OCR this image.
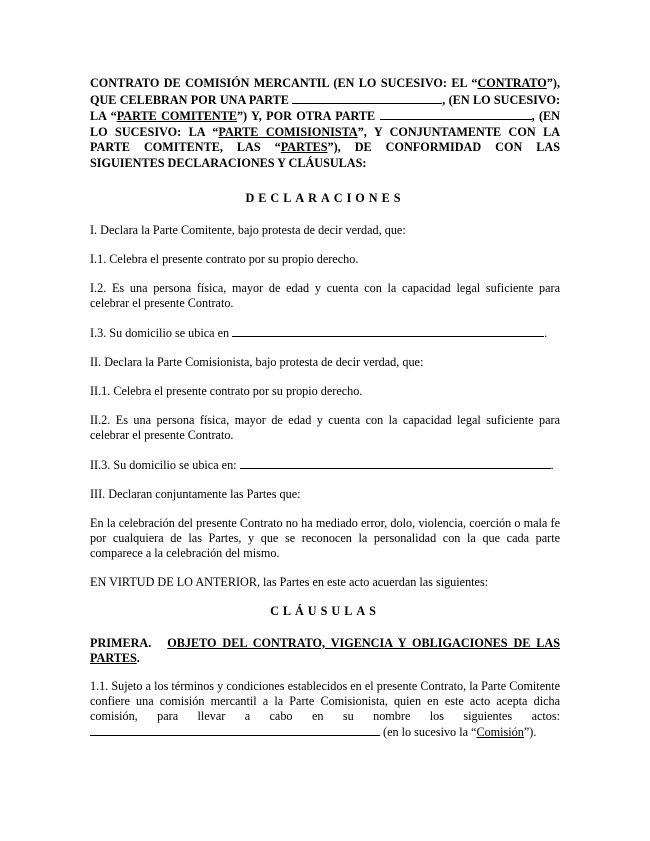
CONTRATO DE COMISIÓN MERCANTIL (EN LO SUCESIVO: EL “CONTRATO”), QUE CELEBRAN POR UNA PARTE	, (EN LO SUCESIVO: LA “PARTE COMITENTE”) Y, POR OTRA PARTE	, (EN LO SUCESIVO: LA “PARTE COMISIONISTA”, Y CONJUNTAMENTE CON LA PARTE COMITENTE, LAS “PARTES”), DE CONFORMIDAD CON LAS SIGUIENTES DECLARACIONES Y CLÁUSULAS:
DECLARACIONES

I. Declara la Parte Comitente, bajo protesta de decir verdad, que:

I.1. Celebra el presente contrato por su propio derecho.

I.2. Es una persona física, mayor de edad y cuenta con la capacidad legal suficiente para celebrar el presente Contrato.

I.3. Su domicilio se ubica en	.

II. Declara la Parte Comisionista, bajo protesta de decir verdad, que:

II.1. Celebra el presente contrato por su propio derecho.

II.2. Es una persona física, mayor de edad y cuenta con la capacidad legal suficiente para celebrar el presente Contrato.

II.3. Su domicilio se ubica en:	.

III. Declaran conjuntamente las Partes que:

En la celebración del presente Contrato no ha mediado error, dolo, violencia, coerción o mala fe por cualquiera de las Partes, y que se reconocen la personalidad con la que cada parte comparece a la celebración del mismo.

EN VIRTUD DE LO ANTERIOR, las Partes en este acto acuerdan las siguientes:

CLÁUSULAS
PRIMERA. OBJETO DEL CONTRATO, VIGENCIA Y OBLIGACIONES DE LAS PARTES.

1.1. Sujeto a los términos y condiciones establecidos en el presente Contrato, la Parte Comitente confiere una comisión mercantil a la Parte Comisionista, quien en este acto acepta dicha comisión, para llevar a cabo en su nombre los siguientes actos:

(en lo sucesivo la “Comisión”).
